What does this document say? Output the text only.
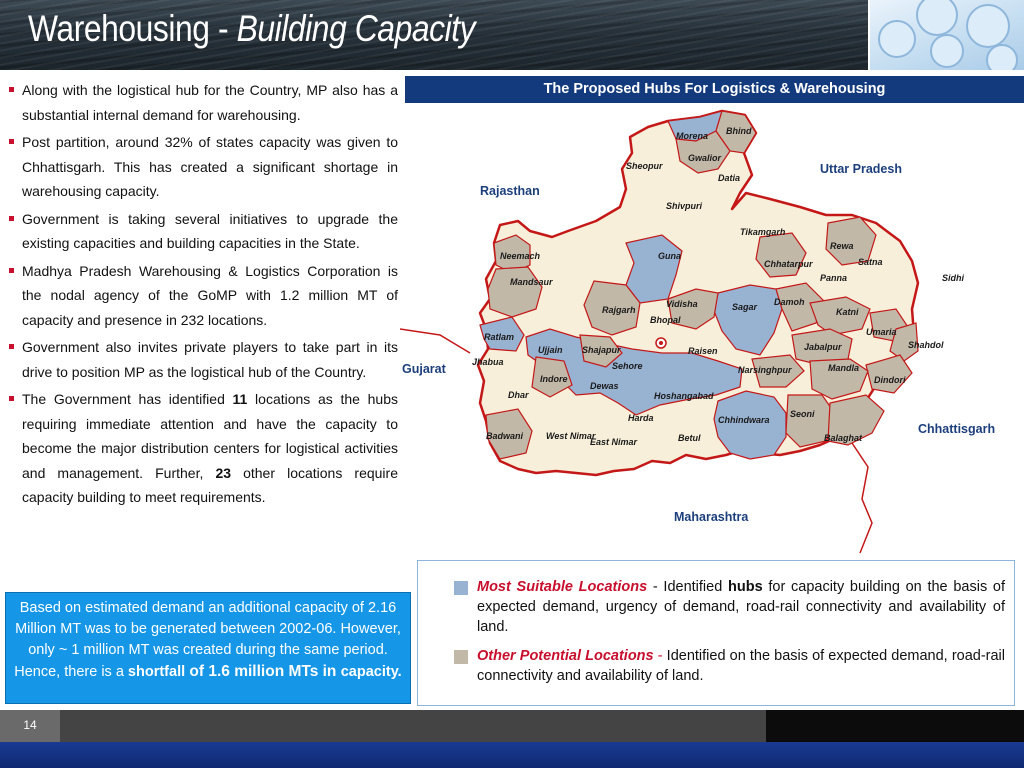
Warehousing - Building Capacity
Along with the logistical hub for the Country, MP also has a substantial internal demand for warehousing.
Post partition, around 32% of states capacity was given to Chhattisgarh. This has created a significant shortage in warehousing capacity.
Government is taking several initiatives to upgrade the existing capacities and building capacities in the State.
Madhya Pradesh Warehousing & Logistics Corporation is the nodal agency of the GoMP with 1.2 million MT of capacity and presence in 232 locations.
Government also invites private players to take part in its drive to position MP as the logistical hub of the Country.
The Government has identified 11 locations as the hubs requiring immediate attention and have the capacity to become the major distribution centers for logistical activities and management. Further, 23 other locations require capacity building to meet requirements.
Based on estimated demand an additional capacity of 2.16 Million MT was to be generated between 2002-06. However, only ~ 1 million MT was created during the same period. Hence, there is a shortfall of 1.6 million MTs in capacity.
The Proposed Hubs For Logistics & Warehousing
Uttar Pradesh
Rajasthan
Gujarat
Chhattisgarh
Maharashtra
Morena Bhind
Gwalior
Sheopur
Datia
Shivpuri
Tikamgarh
Rewa
Neemach	Guna
Chhatarpur
Panna
Satna
Sidhi
Mandsaur
Vidisha	Damoh
Rajgarh	Sagar	Katni
Umaria
Bhopal
Ratlam
Ujjain Shajapur	Raisen	Jabalpur	Shahdol
Jhabua	Sehore	Narsinghpur	Mandla
Indore
Dewas
Dindori
Dhar	Hoshangabad
Harda	Chhindwara
Seoni
Badwani	West Nimar
East Nimar	Betul	Balaghat
Most Suitable Locations - Identified hubs for capacity building on the basis of expected demand, urgency of demand, road-rail connectivity and availability of land.
Other Potential Locations - Identified on the basis of expected demand, road-rail connectivity and availability of land.
14
